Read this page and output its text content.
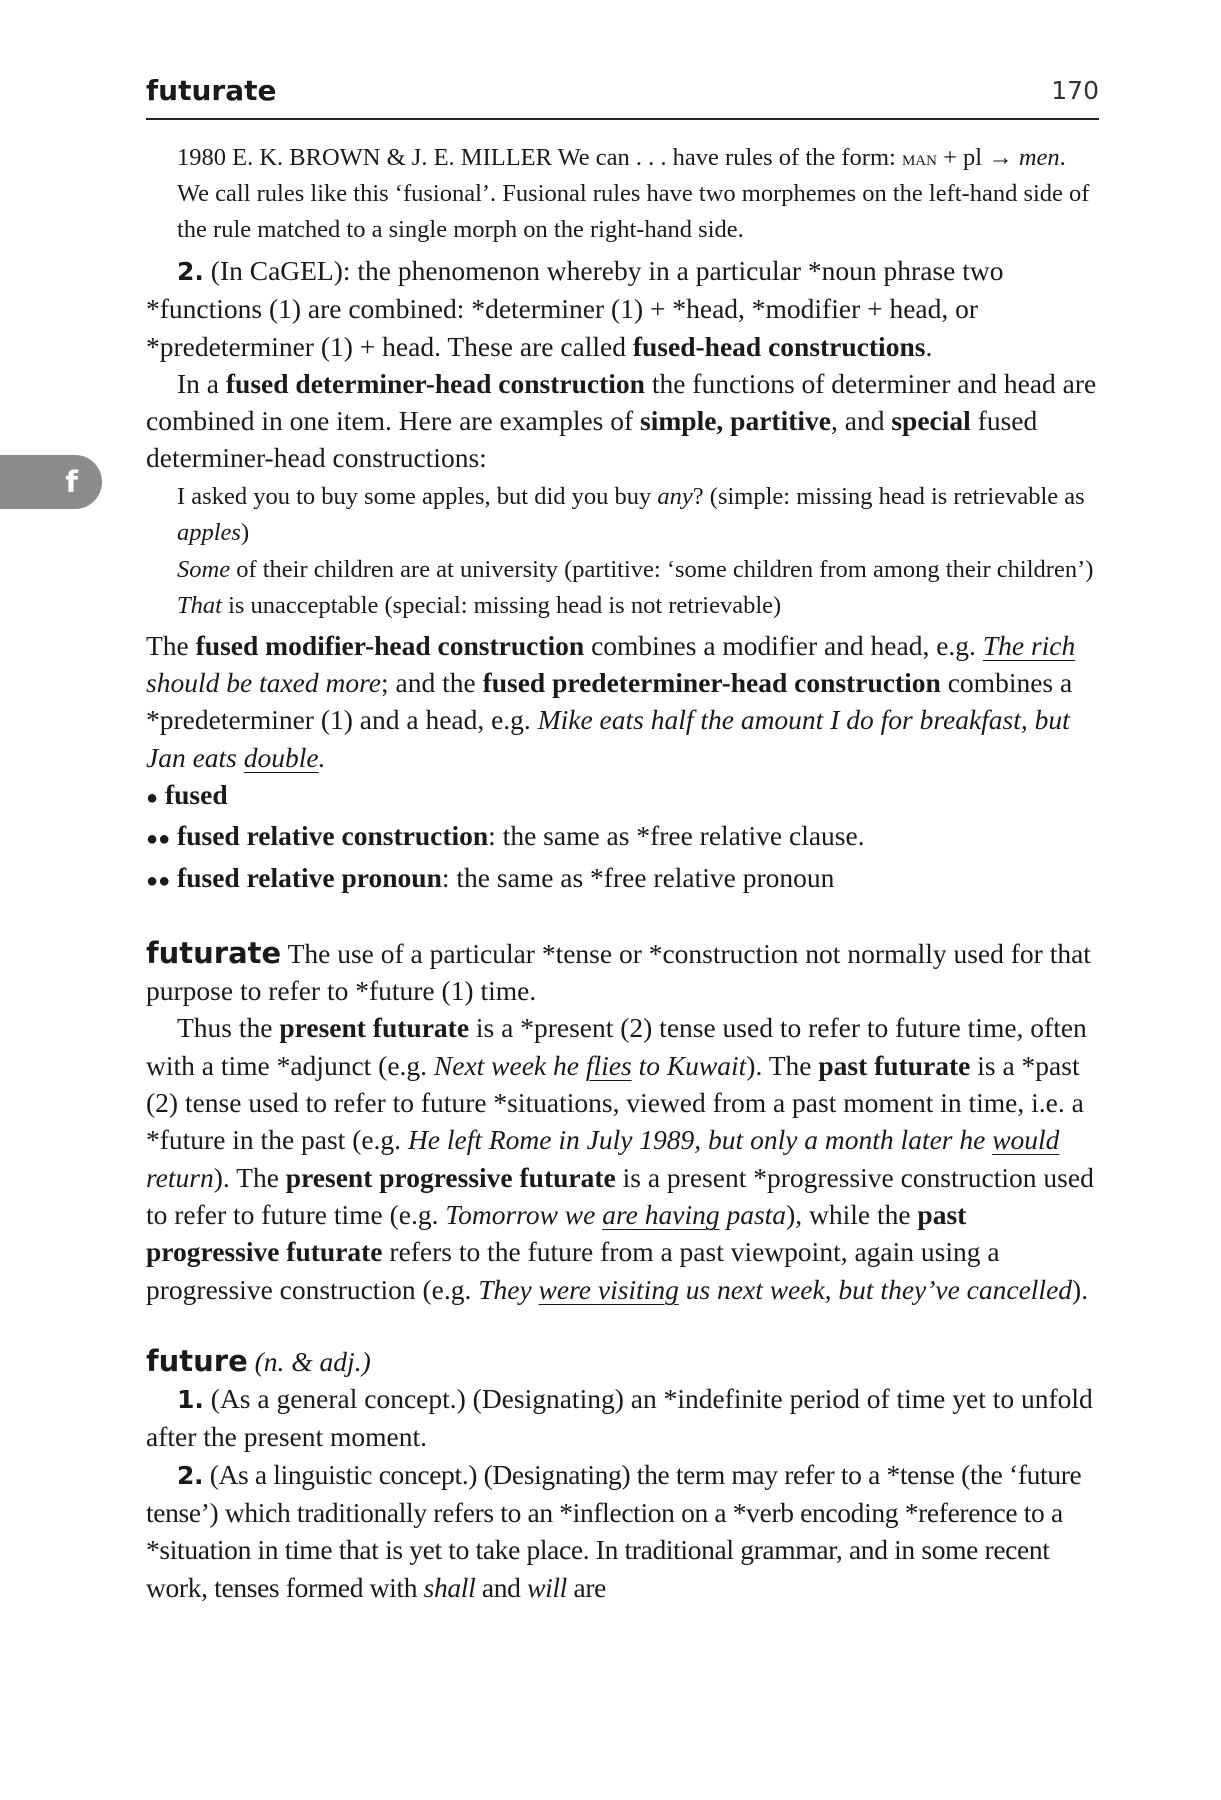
f
futurate	170

1980 E. K. BROWN & J. E. MILLER We can . . . have rules of the form: man + pl → men. We call rules like this ‘fusional’. Fusional rules have two morphemes on the left-hand side of the rule matched to a single morph on the right-hand side.

2. (In CaGEL): the phenomenon whereby in a particular *noun phrase two *functions (1) are combined: *determiner (1) + *head, *modifier + head, or *predeterminer (1) + head. These are called fused-head constructions.

In a fused determiner-head construction the functions of determiner and head are combined in one item. Here are examples of simple, partitive, and special fused determiner-head constructions:

I asked you to buy some apples, but did you buy any? (simple: missing head is retrievable as apples)

Some of their children are at university (partitive: ‘some children from among their children’)

That is unacceptable (special: missing head is not retrievable)

The fused modifier-head construction combines a modifier and head, e.g. The rich should be taxed more; and the fused predeterminer-head construction combines a *predeterminer (1) and a head, e.g. Mike eats half the amount I do for breakfast, but Jan eats double.

● fused

●● fused relative construction: the same as *free relative clause.

●● fused relative pronoun: the same as *free relative pronoun

futurate The use of a particular *tense or *construction not normally used for that purpose to refer to *future (1) time.

Thus the present futurate is a *present (2) tense used to refer to future time, often with a time *adjunct (e.g. Next week he flies to Kuwait). The past futurate is a *past (2) tense used to refer to future *situations, viewed from a past moment in time, i.e. a *future in the past (e.g. He left Rome in July 1989, but only a month later he would return). The present progressive futurate is a present *progressive construction used to refer to future time (e.g. Tomorrow we are having pasta), while the past progressive futurate refers to the future from a past viewpoint, again using a progressive construction (e.g. They were visiting us next week, but they’ve cancelled).

future (n. & adj.)

1. (As a general concept.) (Designating) an *indefinite period of time yet to unfold after the present moment.

2. (As a linguistic concept.) (Designating) the term may refer to a *tense (the ‘future tense’) which traditionally refers to an *inflection on a *verb encoding *reference to a *situation in time that is yet to take place. In traditional grammar, and in some recent work, tenses formed with shall and will are
